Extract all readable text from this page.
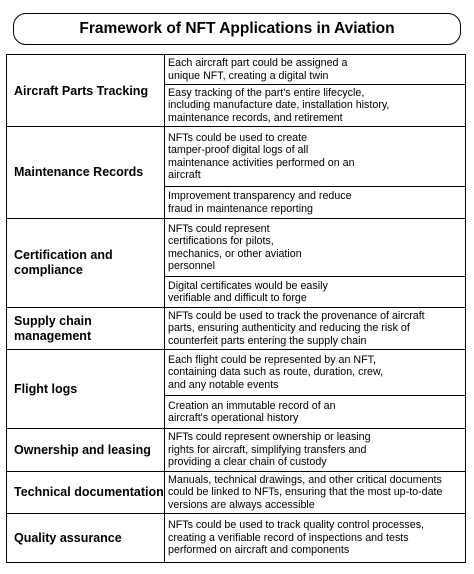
Framework of NFT Applications in Aviation
Aircraft Parts Tracking
Each aircraft part could be assigned a
unique NFT, creating a digital twin
Easy tracking of the part's entire lifecycle,
including manufacture date, installation history,
maintenance records, and retirement
Maintenance Records
NFTs could be used to create
tamper-proof digital logs of all
maintenance activities performed on an
aircraft
Improvement transparency and reduce
fraud in maintenance reporting
Certification and compliance
NFTs could represent
certifications for pilots,
mechanics, or other aviation
personnel
Digital certificates would be easily
verifiable and difficult to forge
Supply chain management
NFTs could be used to track the provenance of aircraft
parts, ensuring authenticity and reducing the risk of
counterfeit parts entering the supply chain
Flight logs
Each flight could be represented by an NFT,
containing data such as route, duration, crew,
and any notable events
Creation an immutable record of an
aircraft's operational history
Ownership and leasing
NFTs could represent ownership or leasing
rights for aircraft, simplifying transfers and
providing a clear chain of custody
Technical documentation
Manuals, technical drawings, and other critical documents
could be linked to NFTs, ensuring that the most up-to-date
versions are always accessible
Quality assurance
NFTs could be used to track quality control processes,
creating a verifiable record of inspections and tests
performed on aircraft and components
